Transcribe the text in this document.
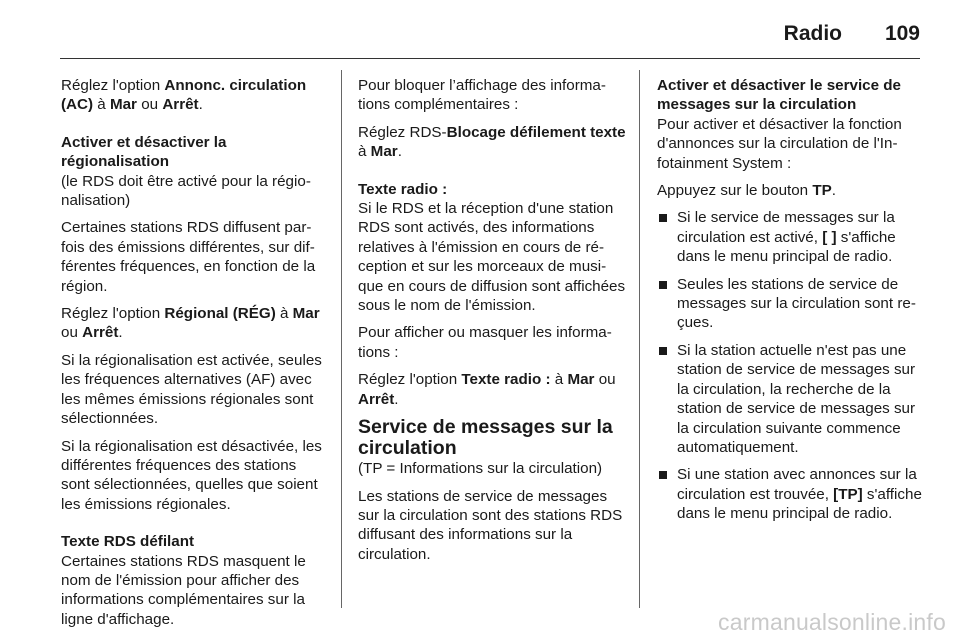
Radio 109

Réglez l'option Annonc. circulation (AC) à Mar ou Arrêt.

Activer et désactiver la régionalisation

(le RDS doit être activé pour la régionalisation)

Certaines stations RDS diffusent parfois des émissions différentes, sur différentes fréquences, en fonction de la région.

Réglez l'option Régional (RÉG) à Mar ou Arrêt.

Si la régionalisation est activée, seules les fréquences alternatives (AF) avec les mêmes émissions régionales sont sélectionnées.

Si la régionalisation est désactivée, les différentes fréquences des stations sont sélectionnées, quelles que soient les émissions régionales.

Texte RDS défilant

Certaines stations RDS masquent le nom de l'émission pour afficher des informations complémentaires sur la ligne d'affichage.

Pour bloquer l’affichage des informations complémentaires :

Réglez RDS-Blocage défilement texte à Mar.

Texte radio :

Si le RDS et la réception d'une station RDS sont activés, des informations relatives à l'émission en cours de réception et sur les morceaux de musique en cours de diffusion sont affichées sous le nom de l'émission.

Pour afficher ou masquer les informations :

Réglez l'option Texte radio : à Mar ou Arrêt.

Service de messages sur la circulation

(TP = Informations sur la circulation)

Les stations de service de messages sur la circulation sont des stations RDS diffusant des informations sur la circulation.

Activer et désactiver le service de messages sur la circulation

Pour activer et désactiver la fonction d'annonces sur la circulation de l'Infotainment System :

Appuyez sur le bouton TP.

Si le service de messages sur la circulation est activé, [ ] s'affiche dans le menu principal de radio.
Seules les stations de service de messages sur la circulation sont reçues.
Si la station actuelle n'est pas une station de service de messages sur la circulation, la recherche de la station de service de messages sur la circulation suivante commence automatiquement.
Si une station avec annonces sur la circulation est trouvée, [TP] s'affiche dans le menu principal de radio.
carmanualsonline.info
